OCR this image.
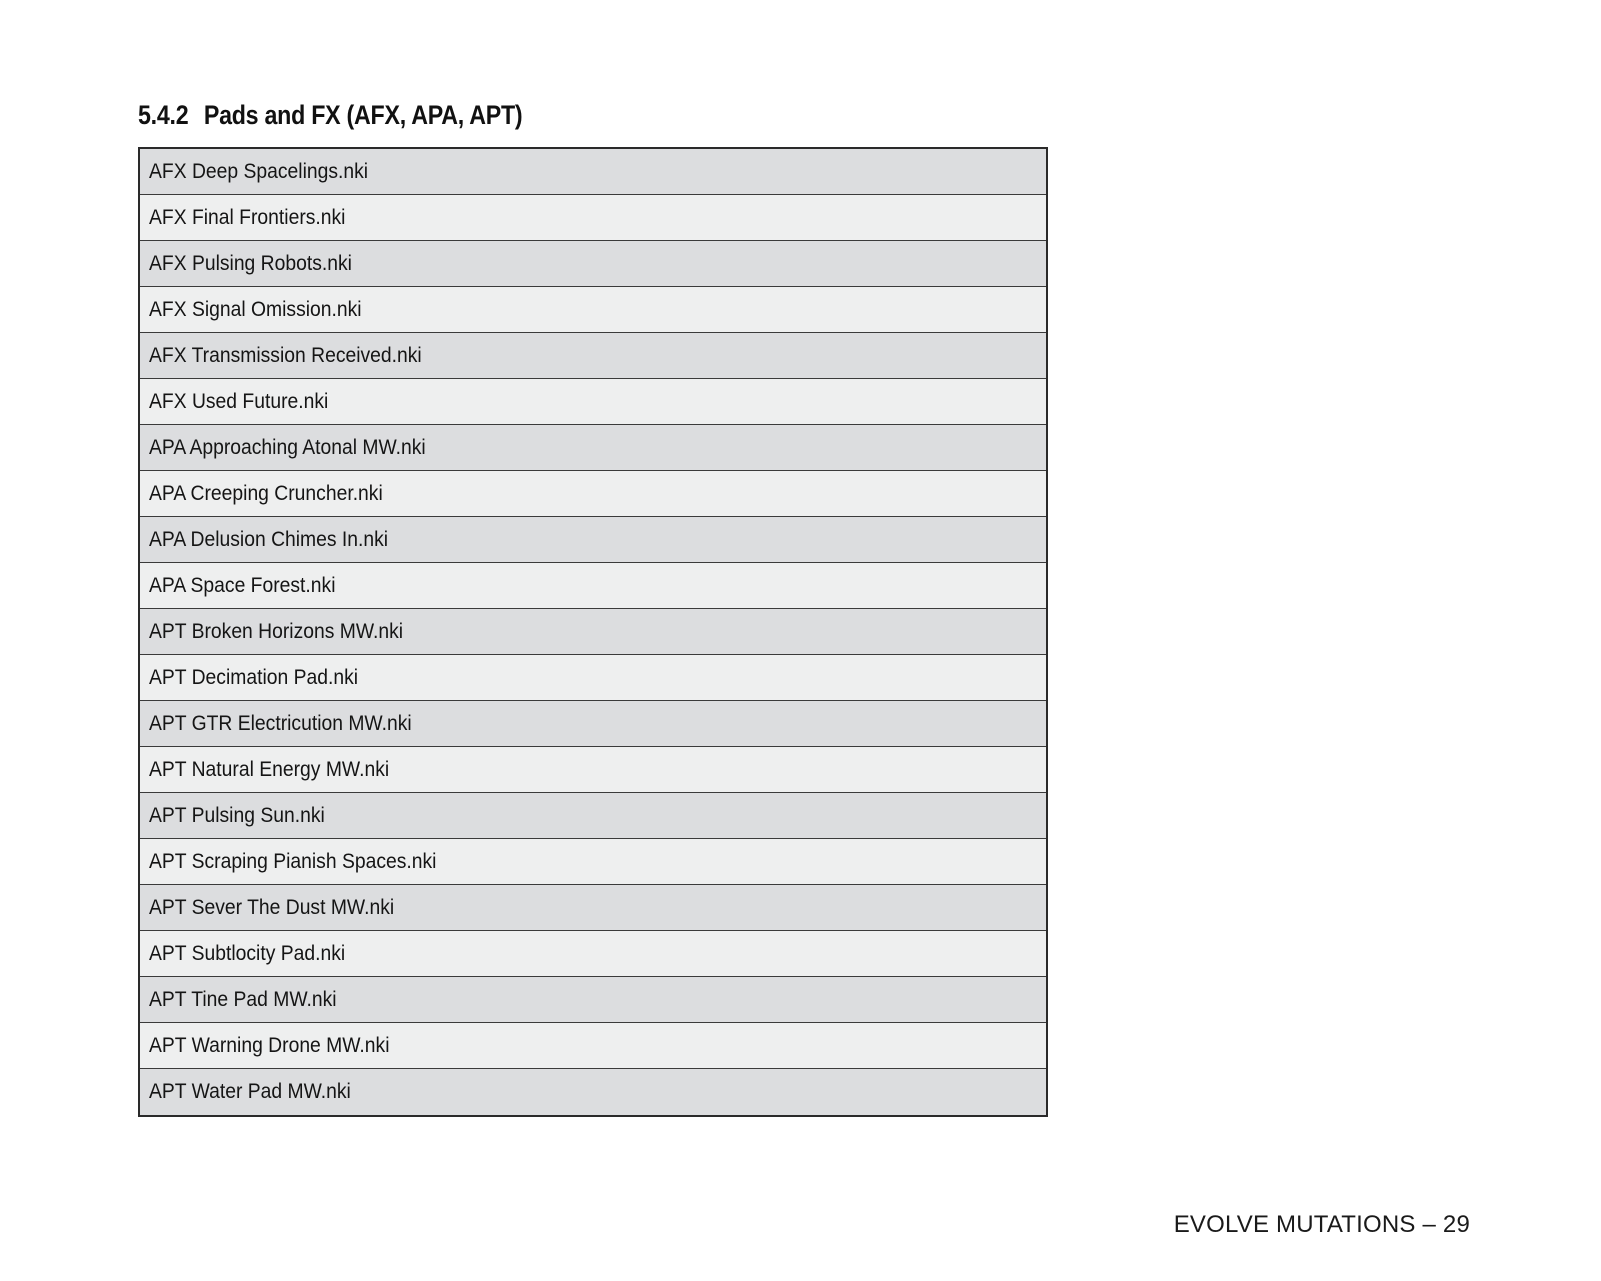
5.4.2 Pads and FX (AFX, APA, APT)
AFX Deep Spacelings.nki
AFX Final Frontiers.nki
AFX Pulsing Robots.nki
AFX Signal Omission.nki
AFX Transmission Received.nki
AFX Used Future.nki
APA Approaching Atonal MW.nki
APA Creeping Cruncher.nki
APA Delusion Chimes In.nki
APA Space Forest.nki
APT Broken Horizons MW.nki
APT Decimation Pad.nki
APT GTR Electricution MW.nki
APT Natural Energy MW.nki
APT Pulsing Sun.nki
APT Scraping Pianish Spaces.nki
APT Sever The Dust MW.nki
APT Subtlocity Pad.nki
APT Tine Pad MW.nki
APT Warning Drone MW.nki
APT Water Pad MW.nki
EVOLVE MUTATIONS – 29
